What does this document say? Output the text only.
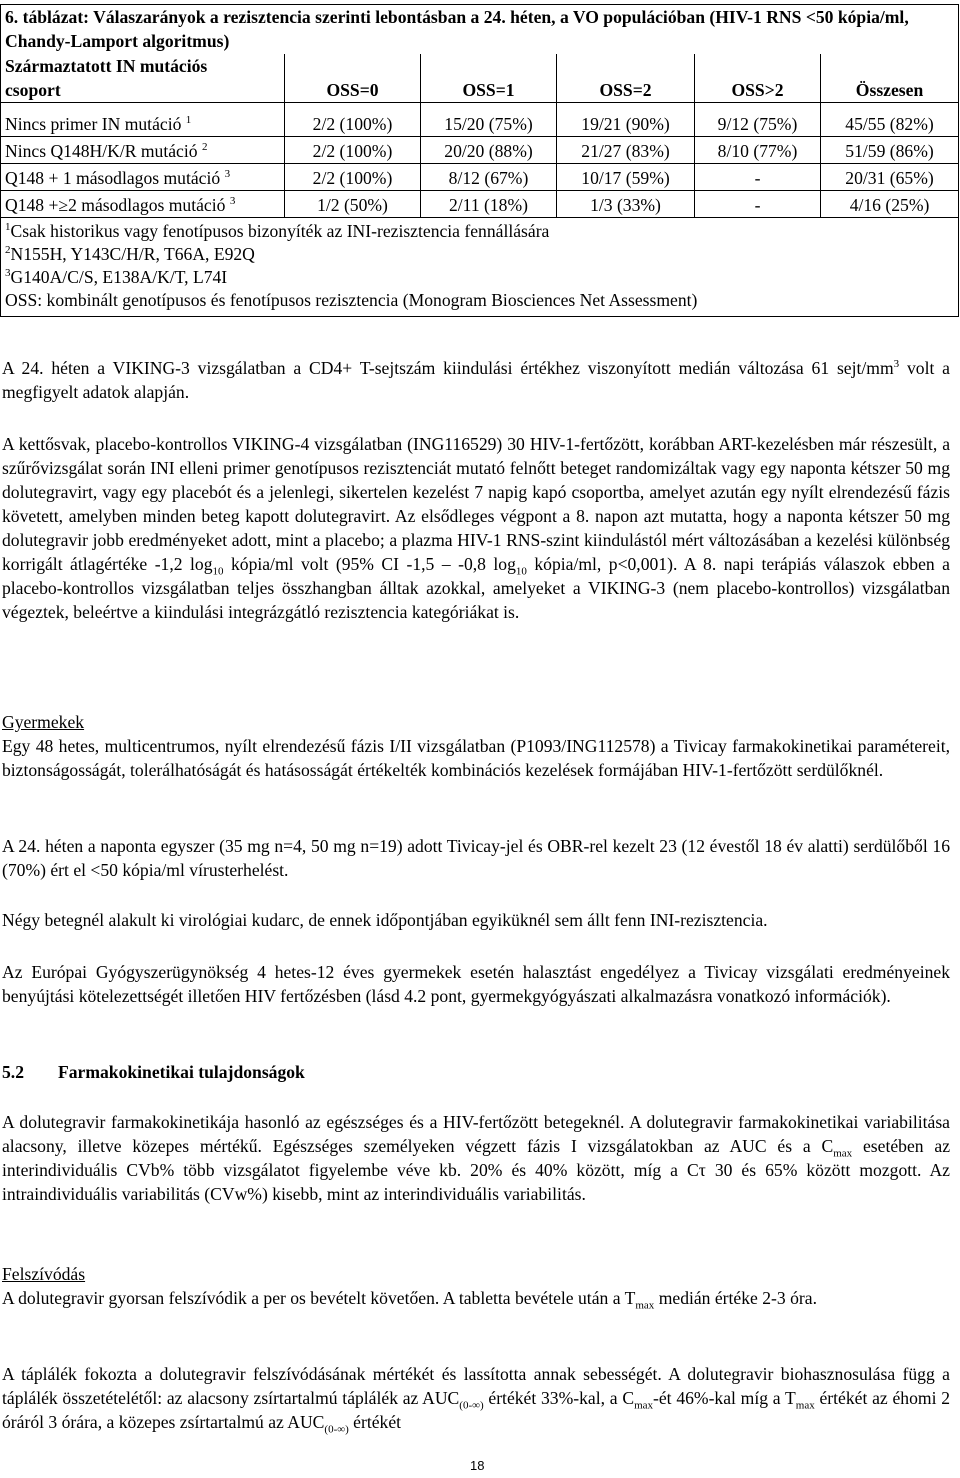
6. táblázat: Válaszarányok a rezisztencia szerinti lebontásban a 24. héten, a VO populációban (HIV-1 RNS <50 kópia/ml, Chandy-Lamport algoritmus)					
Származtatott IN mutációs
csoport	OSS=0	OSS=1	OSS=2	OSS>2	Összesen
Nincs primer IN mutáció $^1$	2/2 (100%)	15/20 (75%)	19/21 (90%)	9/12 (75%)	45/55 (82%)
Nincs Q148H/K/R mutáció $^2$	2/2 (100%)	20/20 (88%)	21/27 (83%)	8/10 (77%)	51/59 (86%)
Q148 + 1 másodlagos mutáció $^3$	2/2 (100%)	8/12 (67%)	10/17 (59%)	-	20/31 (65%)
Q148 +≥2 másodlagos mutáció $^3$	1/2 (50%)	2/11 (18%)	1/3 (33%)	-	4/16 (25%)

$^1$Csak historikus vagy fenotípusos bizonyíték az INI-rezisztencia fennállására
$^2$N155H, Y143C/H/R, T66A, E92Q
$^3$G140A/C/S, E138A/K/T, L74I
OSS: kombinált genotípusos és fenotípusos rezisztencia (Monogram Biosciences Net Assessment)					

A 24. héten a VIKING-3 vizsgálatban a CD4+ T-sejtszám kiindulási értékhez viszonyított medián változása 61 sejt/$mm^3$ volt a megfigyelt adatok alapján.

A kettősvak, placebo-kontrollos VIKING-4 vizsgálatban (ING116529) 30 HIV-1-fertőzött, korábban ART-kezelésben már részesült, a szűrővizsgálat során INI elleni primer genotípusos rezisztenciát mutató felnőtt beteget randomizáltak vagy egy naponta kétszer 50 mg dolutegravirt, vagy egy placebót és a jelenlegi, sikertelen kezelést 7 napig kapó csoportba, amelyet azután egy nyílt elrendezésű fázis követett, amelyben minden beteg kapott dolutegravirt. Az elsődleges végpont a 8. napon azt mutatta, hogy a naponta kétszer 50 mg dolutegravir jobb eredményeket adott, mint a placebo; a plazma HIV-1 RNS-szint kiindulástól mért változásában a kezelési különbség korrigált átlagértéke -1,2 $\log_{10}$ kópia/ml volt (95% CI -1,5 – -0,8 $\log_{10}$ kópia/ml, p<0,001). A 8. napi terápiás válaszok ebben a placebo-kontrollos vizsgálatban teljes összhangban álltak azokkal, amelyeket a VIKING-3 (nem placebo-kontrollos) vizsgálatban végeztek, beleértve a kiindulási integrázgátló rezisztencia kategóriákat is.

Gyermekek

Egy 48 hetes, multicentrumos, nyílt elrendezésű fázis I/II vizsgálatban (P1093/ING112578) a Tivicay farmakokinetikai paramétereit, biztonságosságát, tolerálhatóságát és hatásosságát értékelték kombinációs kezelések formájában HIV-1-fertőzött serdülőknél.

A 24. héten a naponta egyszer (35 mg n=4, 50 mg n=19) adott Tivicay-jel és OBR-rel kezelt 23 (12 évestől 18 év alatti) serdülőből 16 (70%) ért el <50 kópia/ml vírusterhelést.

Négy betegnél alakult ki virológiai kudarc, de ennek időpontjában egyiküknél sem állt fenn INI-rezisztencia.

Az Európai Gyógyszerügynökség 4 hetes-12 éves gyermekek esetén halasztást engedélyez a Tivicay vizsgálati eredményeinek benyújtási kötelezettségét illetően HIV fertőzésben (lásd 4.2 pont, gyermekgyógyászati alkalmazásra vonatkozó információk).

5.2 Farmakokinetikai tulajdonságok

A dolutegravir farmakokinetikája hasonló az egészséges és a HIV-fertőzött betegeknél. A dolutegravir farmakokinetikai variabilitása alacsony, illetve közepes mértékű. Egészséges személyeken végzett fázis I vizsgálatokban az AUC és a $C_{max}$ esetében az interindividuális CVb% több vizsgálatot figyelembe véve kb. 20% és 40% között, míg a Cτ 30 és 65% között mozgott. Az intraindividuális variabilitás (CVw%) kisebb, mint az interindividuális variabilitás.

Felszívódás

A dolutegravir gyorsan felszívódik a per os bevételt követően. A tabletta bevétele után a $T_{max}$ medián értéke 2-3 óra.

A táplálék fokozta a dolutegravir felszívódásának mértékét és lassította annak sebességét. A dolutegravir biohasznosulása függ a táplálék összetételétől: az alacsony zsírtartalmú táplálék az $AUC_{(0-\infty)}$ értékét 33%-kal, a $C_{max}-ét$ 46%-kal míg a $T_{max}$ értékét az éhomi 2 óráról 3 órára, a közepes zsírtartalmú az $AUC_{(0-\infty)}$ értékét

18
